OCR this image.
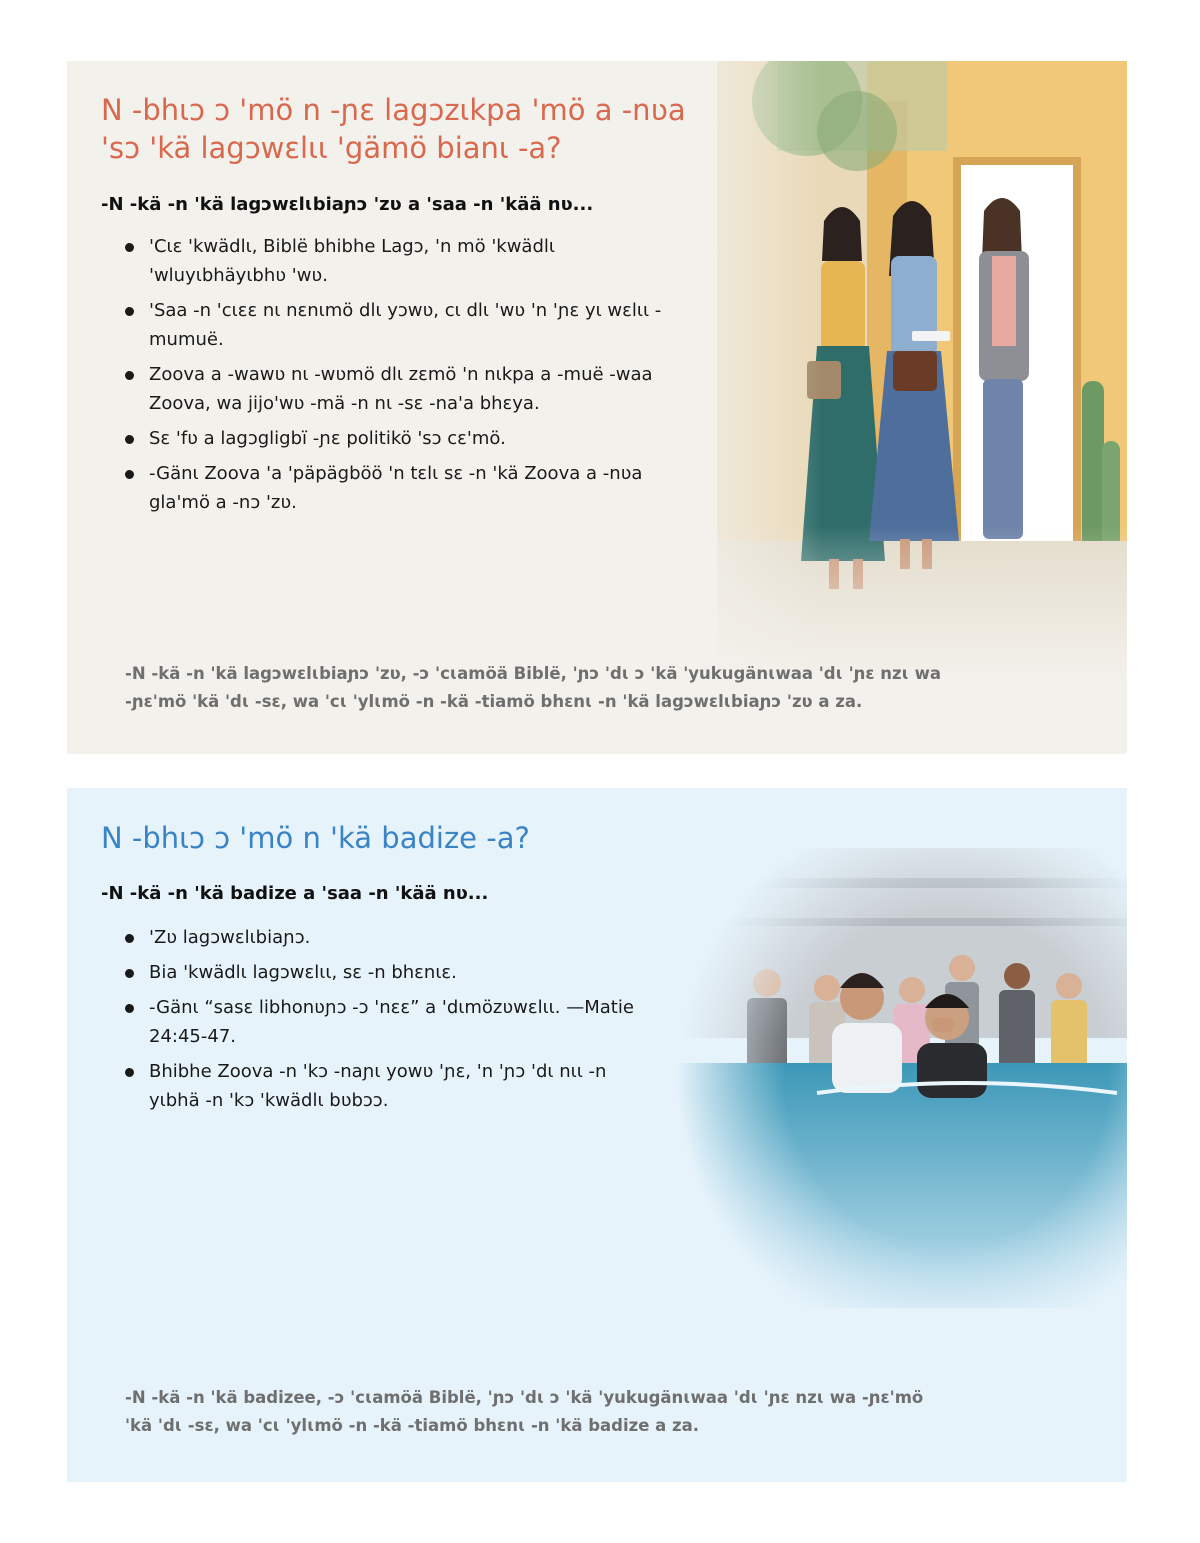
N -bhɩɔ ɔ 'mö n -ɲɛ lagɔzɩkpa 'mö a -nʋa 'sɔ 'kä lagɔwɛlɩɩ 'gämö bianɩ -a?

-N -kä -n 'kä lagɔwɛlɩbiaɲɔ 'zʋ a 'saa -n 'kää nʋ...

'Cɩɛ 'kwädlɩ, Biblë bhibhe Lagɔ, 'n mö 'kwädlɩ 'wluyɩbhäyɩbhʋ 'wʋ.
'Saa -n 'cɩɛɛ nɩ nɛnɩmö dlɩ yɔwʋ, cɩ dlɩ 'wʋ 'n 'ɲɛ yɩ wɛlɩɩ -mumuë.
Zoova a -wawʋ nɩ -wʋmö dlɩ zɛmö 'n nɩkpa a -muë -waa Zoova, wa jijo'wʋ -mä -n nɩ -sɛ -na'a bhɛya.
Sɛ 'fʋ a lagɔgligbï -ɲɛ politikö 'sɔ cɛ'mö.
-Gänɩ Zoova 'a 'päpägböö 'n tɛlɩ sɛ -n 'kä Zoova a -nʋa gla'mö a -nɔ 'zʋ.

-N -kä -n 'kä lagɔwɛlɩbiaɲɔ 'zʋ, -ɔ 'cɩamöä Biblë, 'ɲɔ 'dɩ ɔ 'kä 'yukugänɩwaa 'dɩ 'ɲɛ nzɩ wa -ɲɛ'mö 'kä 'dɩ -sɛ, wa 'cɩ 'ylɩmö -n -kä -tiamö bhɛnɩ -n 'kä lagɔwɛlɩbiaɲɔ 'zʋ a za.

N -bhɩɔ ɔ 'mö n 'kä badize -a?

-N -kä -n 'kä badize a 'saa -n 'kää nʋ...

'Zʋ lagɔwɛlɩbiaɲɔ.
Bia 'kwädlɩ lagɔwɛlɩɩ, sɛ -n bhɛnɩɛ.
-Gänɩ “sasɛ libhonʋɲɔ -ɔ 'nɛɛ” a 'dɩmözʋwɛlɩɩ. —Matie 24:45-47.
Bhibhe Zoova -n 'kɔ -naɲɩ yowʋ 'ɲɛ, 'n 'ɲɔ 'dɩ nɩɩ -n yɩbhä -n 'kɔ 'kwädlɩ bʋbɔɔ.

-N -kä -n 'kä badizee, -ɔ 'cɩamöä Biblë, 'ɲɔ 'dɩ ɔ 'kä 'yukugänɩwaa 'dɩ 'ɲɛ nzɩ wa -ɲɛ'mö 'kä 'dɩ -sɛ, wa 'cɩ 'ylɩmö -n -kä -tiamö bhɛnɩ -n 'kä badize a za.
